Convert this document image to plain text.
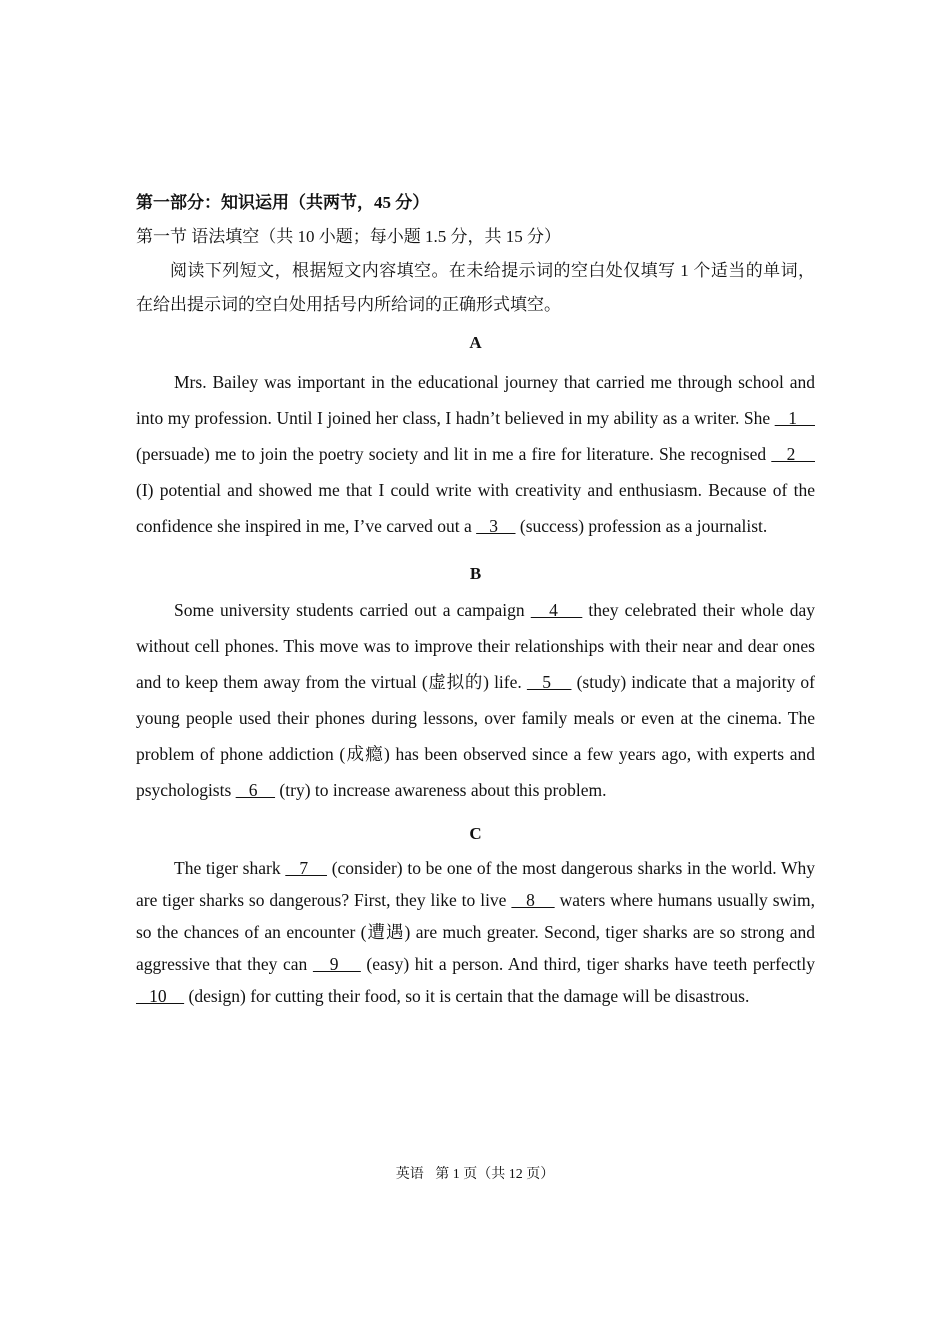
第一部分：知识运用（共两节，45 分）

第一节 语法填空（共 10 小题；每小题 1.5 分，共 15 分）

阅读下列短文，根据短文内容填空。在未给提示词的空白处仅填写 1 个适当的单词，在给出提示词的空白处用括号内所给词的正确形式填空。

A

Mrs. Bailey was important in the educational journey that carried me through school and into my profession. Until I joined her class, I hadn’t believed in my ability as a writer. She    1     (persuade) me to join the poetry society and lit in me a fire for literature. She recognised    2     (I) potential and showed me that I could write with creativity and enthusiasm. Because of the confidence she inspired in me, I’ve carved out a    3     (success) profession as a journalist.

B

Some university students carried out a campaign    4     they celebrated their whole day without cell phones. This move was to improve their relationships with their near and dear ones and to keep them away from the virtual (虚拟的) life.    5     (study) indicate that a majority of young people used their phones during lessons, over family meals or even at the cinema. The problem of phone addiction (成瘾) has been observed since a few years ago, with experts and psychologists    6     (try) to increase awareness about this problem.

C

The tiger shark    7     (consider) to be one of the most dangerous sharks in the world. Why are tiger sharks so dangerous? First, they like to live    8     waters where humans usually swim, so the chances of an encounter (遭遇) are much greater. Second, tiger sharks are so strong and aggressive that they can    9     (easy) hit a person. And third, tiger sharks have teeth perfectly    10     (design) for cutting their food, so it is certain that the damage will be disastrous.

英语 第 1 页（共 12 页）
